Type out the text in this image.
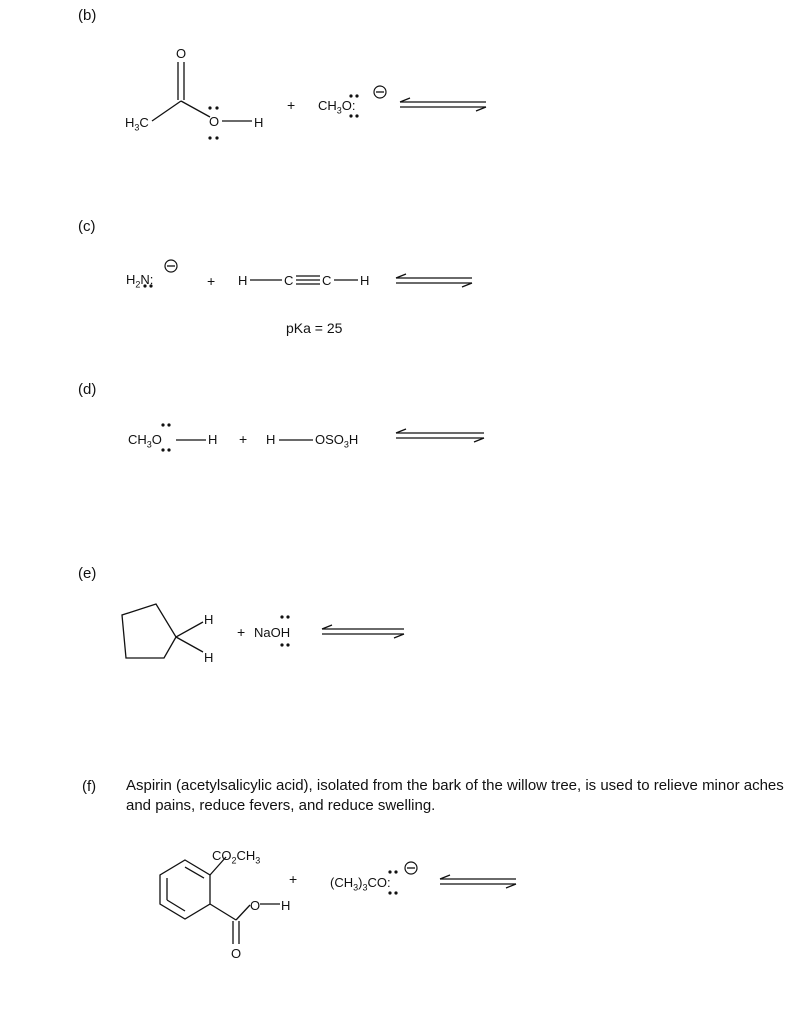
(b)
(c)
(d)
(e)
(f)
$H_3C$
O
O	H
+ $CH_3O$:
$H_2N$:	+ H	C C H
pKa = 25
$CH_3O$	H + H	$OSO_3H$
H
H
+ NaOH
Aspirin (acetylsalicylic acid), isolated from the bark of the willow tree, is used to relieve minor aches and pains, reduce fevers, and reduce swelling.
$CO_2CH_3$
O H
O
+	$(CH_3)_3CO$:
